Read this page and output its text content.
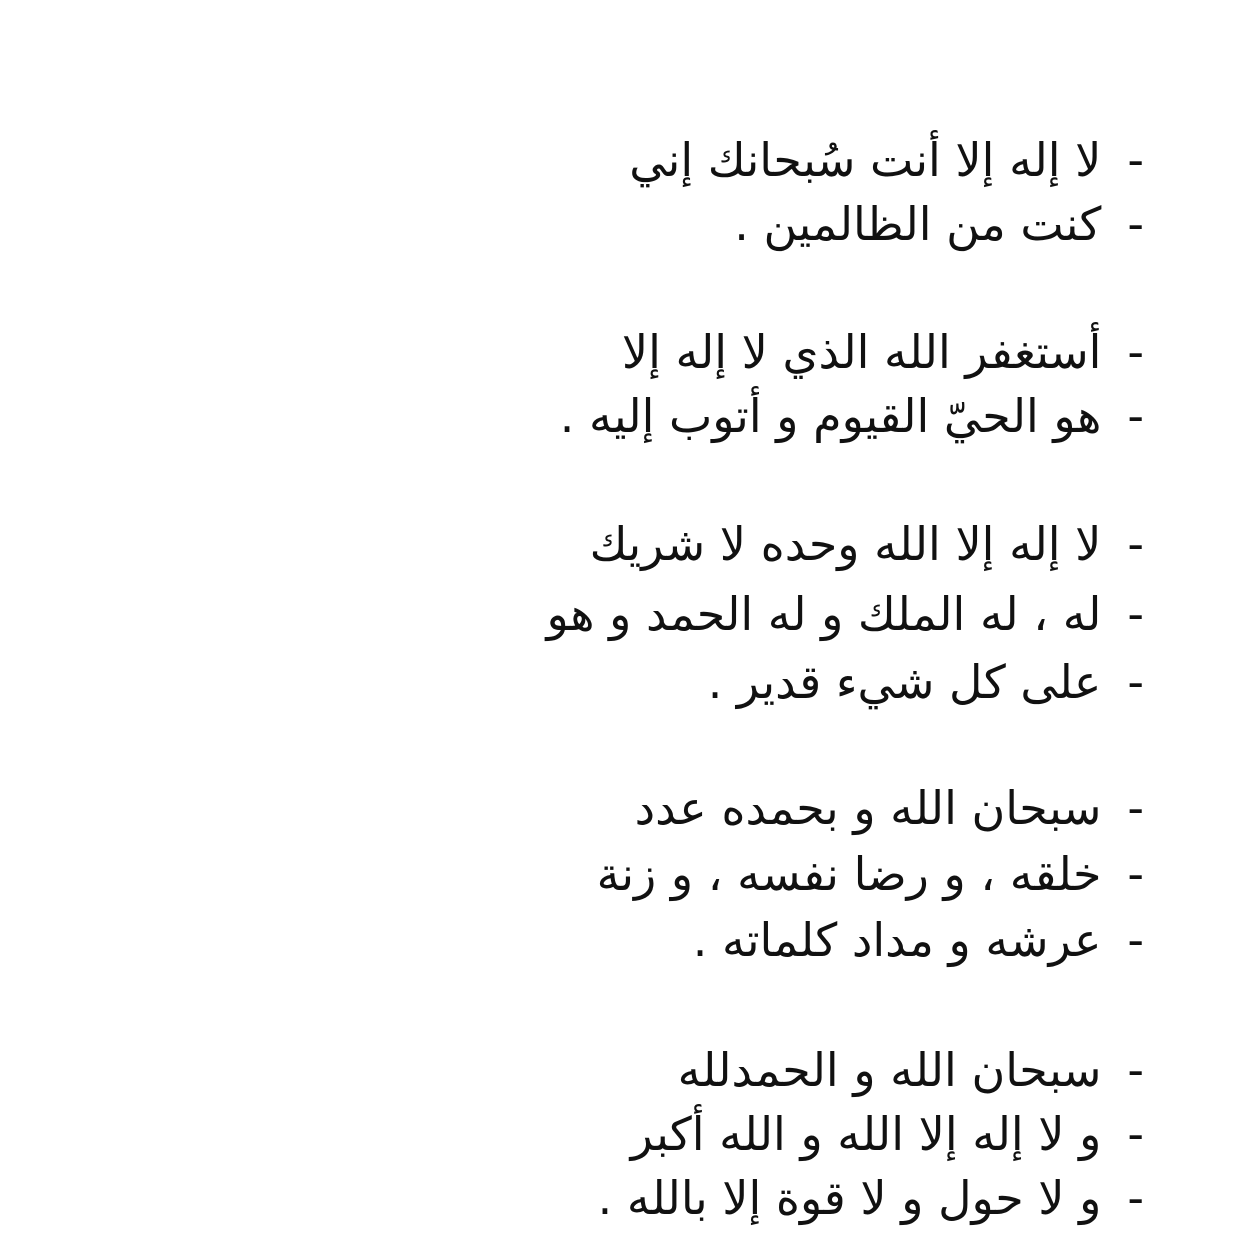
-لا إله إلا أنت سُبحانك إني
-كنت من الظالمين .
-أستغفر الله الذي لا إله إلا
-هو الحيّ القيوم و أتوب إليه .
-لا إله إلا الله وحده لا شريك
-له ، له الملك و له الحمد و هو
-على كل شيء قدير .
-سبحان الله و بحمده عدد
-خلقه ، و رضا نفسه ، و زنة
-عرشه و مداد كلماته .
-سبحان الله و الحمدلله
-و لا إله إلا الله و الله أكبر
-و لا حول و لا قوة إلا بالله .
